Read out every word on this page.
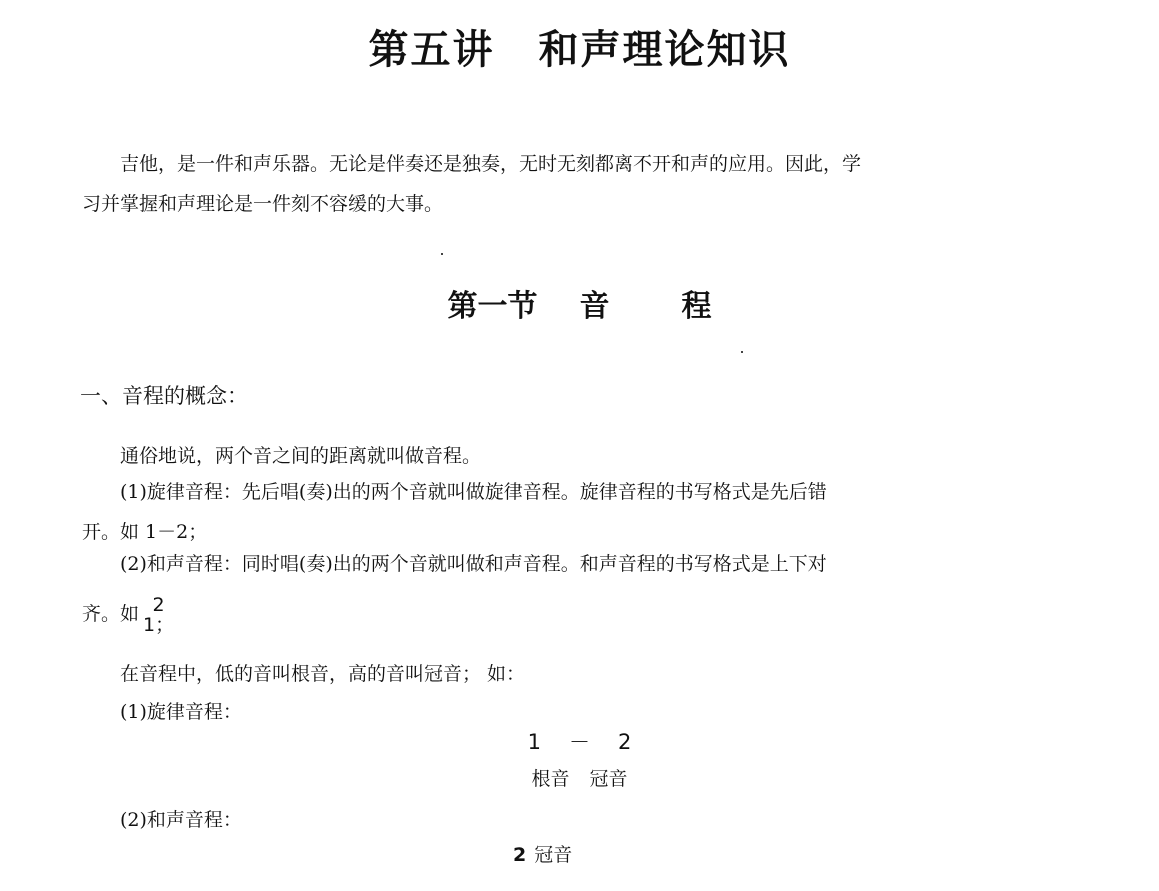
第五讲 和声理论知识
吉他，是一件和声乐器。无论是伴奏还是独奏，无时无刻都离不开和声的应用。因此，学
习并掌握和声理论是一件刻不容缓的大事。
第一节 音 程
一、音程的概念：
通俗地说，两个音之间的距离就叫做音程。
(1)旋律音程：先后唱(奏)出的两个音就叫做旋律音程。旋律音程的书写格式是先后错
开。如 1－2；
(2)和声音程：同时唱(奏)出的两个音就叫做和声音程。和声音程的书写格式是上下对
齐。如 2
1；
在音程中，低的音叫根音，高的音叫冠音； 如：
(1)旋律音程：
1 － 2
根音 冠音
(2)和声音程：
2 冠音
